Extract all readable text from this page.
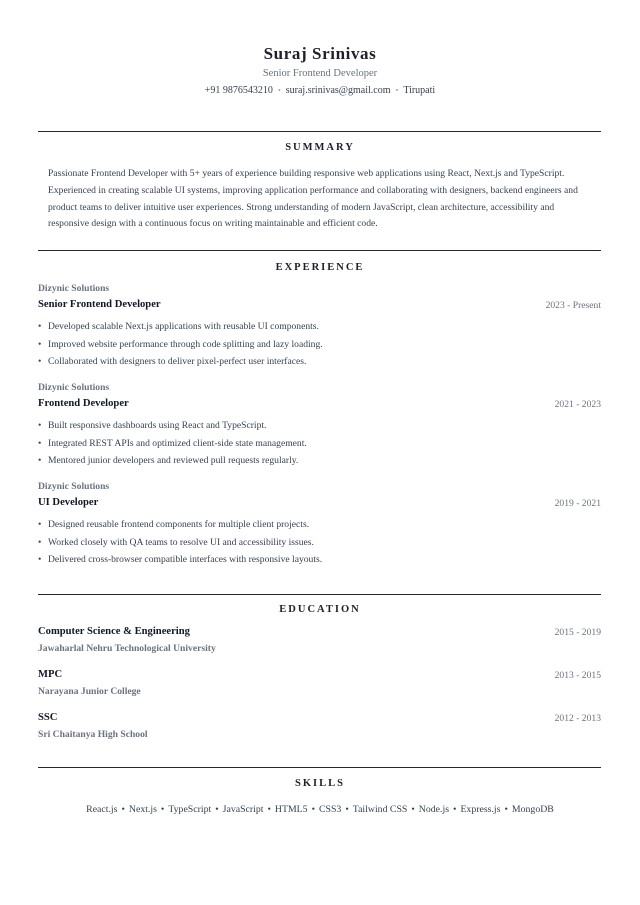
Suraj Srinivas
Senior Frontend Developer
+91 9876543210 • suraj.srinivas@gmail.com • Tirupati
SUMMARY
Passionate Frontend Developer with 5+ years of experience building responsive web applications using React, Next.js and TypeScript. Experienced in creating scalable UI systems, improving application performance and collaborating with designers, backend engineers and product teams to deliver intuitive user experiences. Strong understanding of modern JavaScript, clean architecture, accessibility and responsive design with a continuous focus on writing maintainable and efficient code.
EXPERIENCE
Dizynic Solutions
Senior Frontend Developer	2023 - Present
• Developed scalable Next.js applications with reusable UI components.
• Improved website performance through code splitting and lazy loading.
• Collaborated with designers to deliver pixel-perfect user interfaces.
Dizynic Solutions
Frontend Developer	2021 - 2023
• Built responsive dashboards using React and TypeScript.
• Integrated REST APIs and optimized client-side state management.
• Mentored junior developers and reviewed pull requests regularly.
Dizynic Solutions
UI Developer	2019 - 2021
• Designed reusable frontend components for multiple client projects.
• Worked closely with QA teams to resolve UI and accessibility issues.
• Delivered cross-browser compatible interfaces with responsive layouts.
EDUCATION
Computer Science & Engineering	2015 - 2019
Jawaharlal Nehru Technological University
MPC	2013 - 2015
Narayana Junior College
SSC	2012 - 2013
Sri Chaitanya High School
SKILLS
React.js • Next.js • TypeScript • JavaScript • HTML5 • CSS3 • Tailwind CSS • Node.js • Express.js • MongoDB
